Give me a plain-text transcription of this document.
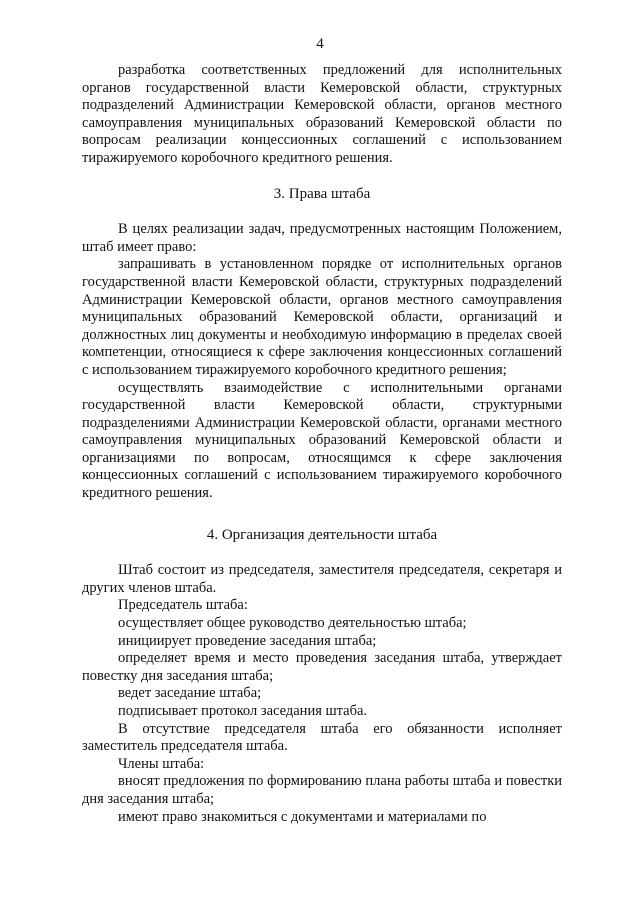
4

разработка соответственных предложений для исполнительных органов государственной власти Кемеровской области, структурных подразделений Администрации Кемеровской области, органов местного самоуправления муниципальных образований Кемеровской области по вопросам реализации концессионных соглашений с использованием тиражируемого коробочного кредитного решения.

3. Права штаба

В целях реализации задач, предусмотренных настоящим Положением, штаб имеет право:

запрашивать в установленном порядке от исполнительных органов государственной власти Кемеровской области, структурных подразделений Администрации Кемеровской области, органов местного самоуправления муниципальных образований Кемеровской области, организаций и должностных лиц документы и необходимую информацию в пределах своей компетенции, относящиеся к сфере заключения концессионных соглашений с использованием тиражируемого коробочного кредитного решения;

осуществлять взаимодействие с исполнительными органами государственной власти Кемеровской области, структурными подразделениями Администрации Кемеровской области, органами местного самоуправления муниципальных образований Кемеровской области и организациями по вопросам, относящимся к сфере заключения концессионных соглашений с использованием тиражируемого коробочного кредитного решения.

4. Организация деятельности штаба

Штаб состоит из председателя, заместителя председателя, секретаря и других членов штаба.

Председатель штаба:

осуществляет общее руководство деятельностью штаба;

инициирует проведение заседания штаба;

определяет время и место проведения заседания штаба, утверждает повестку дня заседания штаба;

ведет заседание штаба;

подписывает протокол заседания штаба.

В отсутствие председателя штаба его обязанности исполняет заместитель председателя штаба.

Члены штаба:

вносят предложения по формированию плана работы штаба и повестки дня заседания штаба;

имеют право знакомиться с документами и материалами по
